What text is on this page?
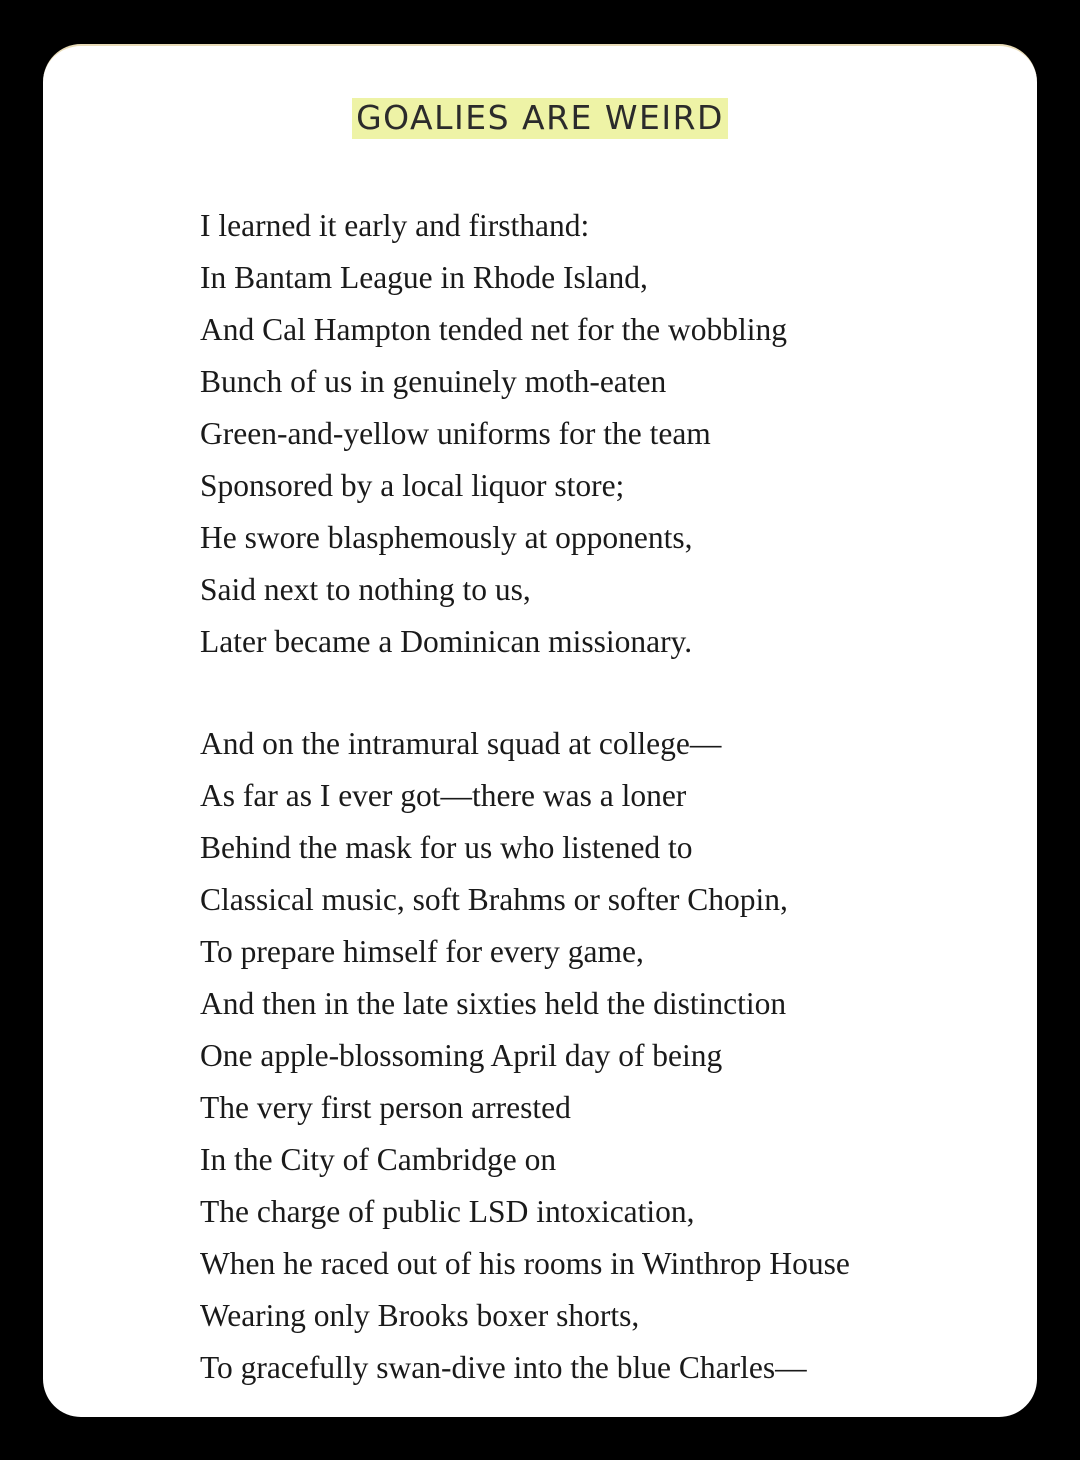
GOALIES ARE WEIRD
I learned it early and firsthand:
In Bantam League in Rhode Island,
And Cal Hampton tended net for the wobbling
Bunch of us in genuinely moth-eaten
Green-and-yellow uniforms for the team
Sponsored by a local liquor store;
He swore blasphemously at opponents,
Said next to nothing to us,
Later became a Dominican missionary.
And on the intramural squad at college—
As far as I ever got—there was a loner
Behind the mask for us who listened to
Classical music, soft Brahms or softer Chopin,
To prepare himself for every game,
And then in the late sixties held the distinction
One apple-blossoming April day of being
The very first person arrested
In the City of Cambridge on
The charge of public LSD intoxication,
When he raced out of his rooms in Winthrop House
Wearing only Brooks boxer shorts,
To gracefully swan-dive into the blue Charles—
